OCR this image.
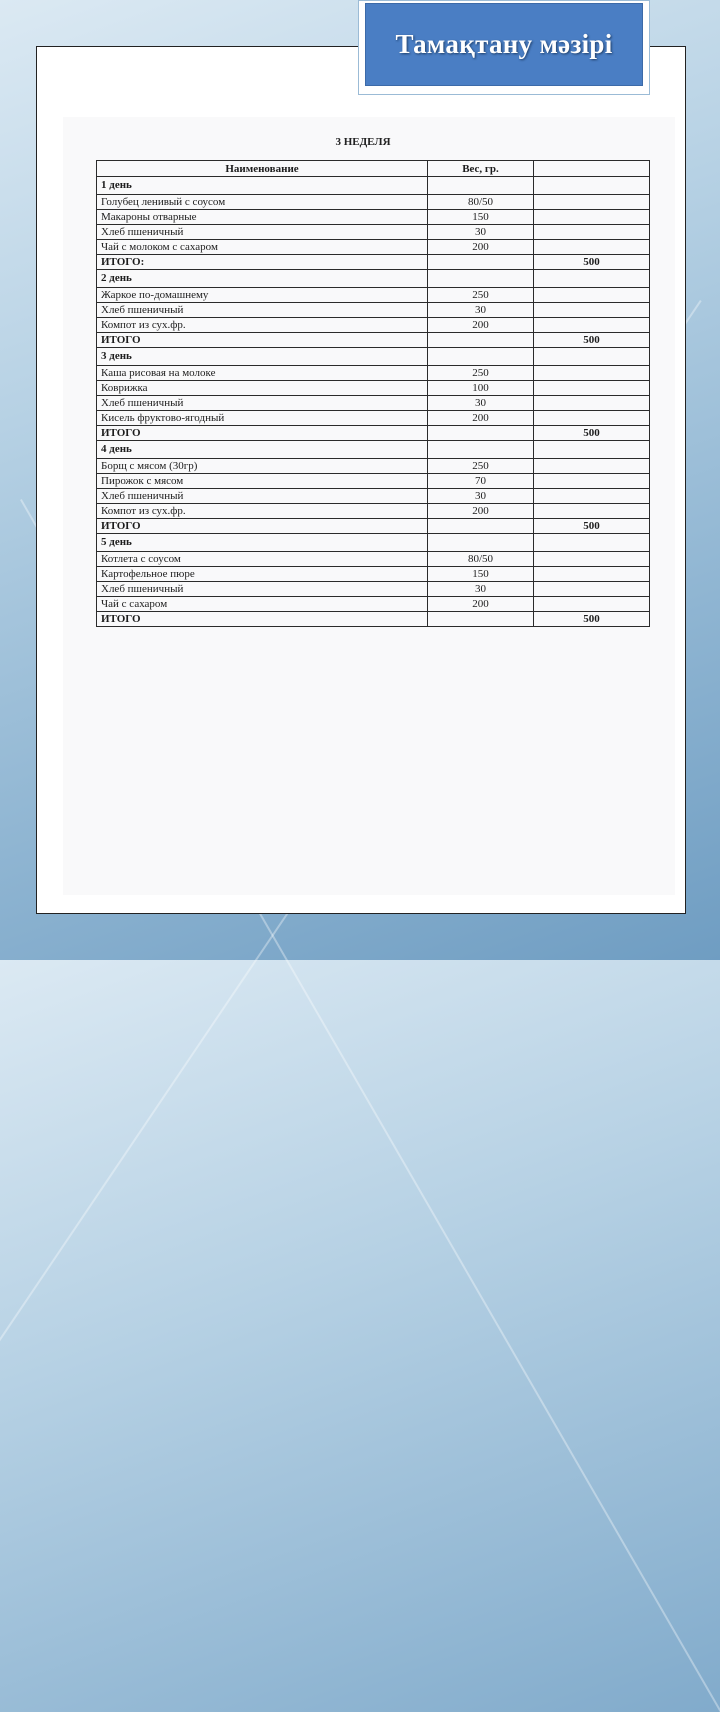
Тамақтану мәзірі
3 НЕДЕЛЯ
Наименование	Вес, гр.	
1 день		
Голубец ленивый с соусом	80/50	
Макароны отварные	150	
Хлеб пшеничный	30	
Чай с молоком с сахаром	200	
ИТОГО:		500
2 день		
Жаркое по-домашнему	250	
Хлеб пшеничный	30	
Компот из сух.фр.	200	
ИТОГО		500
3 день		
Каша рисовая на молоке	250	
Коврижка	100	
Хлеб пшеничный	30	
Кисель фруктово-ягодный	200	
ИТОГО		500
4 день		
Борщ с мясом (30гр)	250	
Пирожок с мясом	70	
Хлеб пшеничный	30	
Компот из сух.фр.	200	
ИТОГО		500
5 день		
Котлета с соусом	80/50	
Картофельное пюре	150	
Хлеб пшеничный	30	
Чай с сахаром	200	
ИТОГО		500
